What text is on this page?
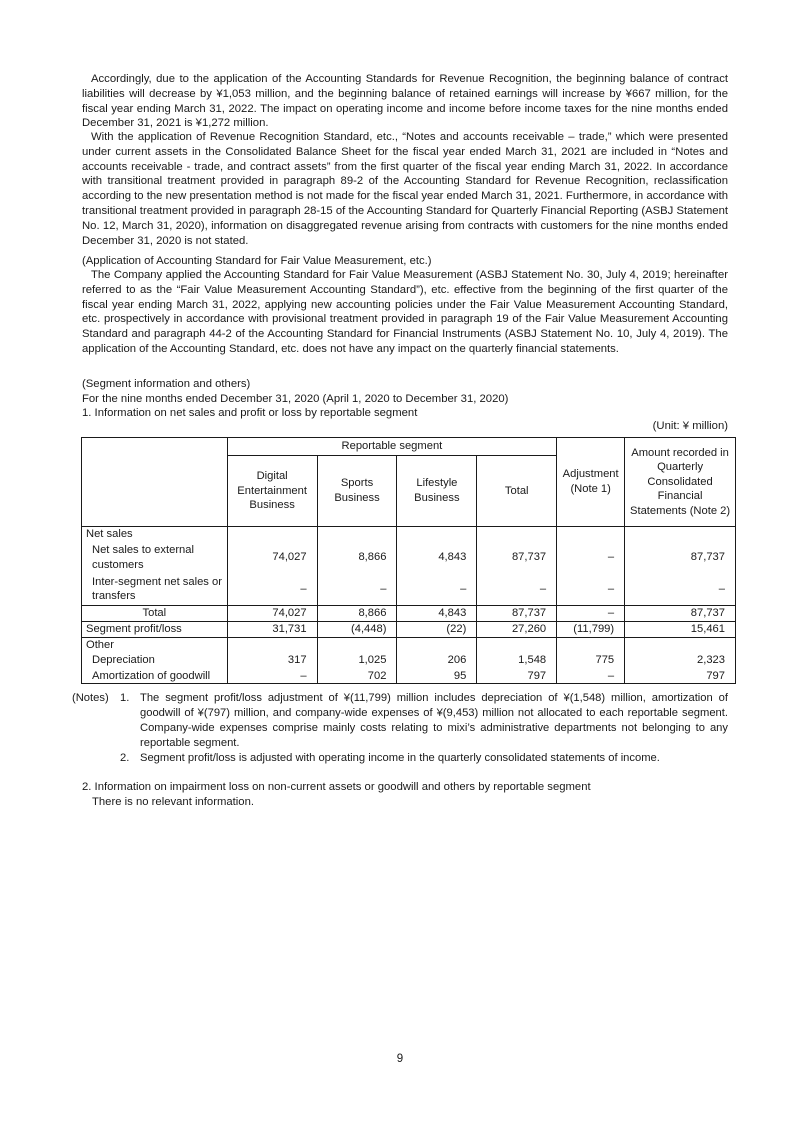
Accordingly, due to the application of the Accounting Standards for Revenue Recognition, the beginning balance of contract liabilities will decrease by ¥1,053 million, and the beginning balance of retained earnings will increase by ¥667 million, for the fiscal year ending March 31, 2022. The impact on operating income and income before income taxes for the nine months ended December 31, 2021 is ¥1,272 million.

With the application of Revenue Recognition Standard, etc., “Notes and accounts receivable – trade,” which were presented under current assets in the Consolidated Balance Sheet for the fiscal year ended March 31, 2021 are included in “Notes and accounts receivable - trade, and contract assets” from the first quarter of the fiscal year ending March 31, 2022. In accordance with transitional treatment provided in paragraph 89-2 of the Accounting Standard for Revenue Recognition, reclassification according to the new presentation method is not made for the fiscal year ended March 31, 2021. Furthermore, in accordance with transitional treatment provided in paragraph 28-15 of the Accounting Standard for Quarterly Financial Reporting (ASBJ Statement No. 12, March 31, 2020), information on disaggregated revenue arising from contracts with customers for the nine months ended December 31, 2020 is not stated.

(Application of Accounting Standard for Fair Value Measurement, etc.)

The Company applied the Accounting Standard for Fair Value Measurement (ASBJ Statement No. 30, July 4, 2019; hereinafter referred to as the “Fair Value Measurement Accounting Standard”), etc. effective from the beginning of the first quarter of the fiscal year ending March 31, 2022, applying new accounting policies under the Fair Value Measurement Accounting Standard, etc. prospectively in accordance with provisional treatment provided in paragraph 19 of the Fair Value Measurement Accounting Standard and paragraph 44-2 of the Accounting Standard for Financial Instruments (ASBJ Statement No. 10, July 4, 2019). The application of the Accounting Standard, etc. does not have any impact on the quarterly financial statements.

(Segment information and others)

For the nine months ended December 31, 2020 (April 1, 2020 to December 31, 2020)

1. Information on net sales and profit or loss by reportable segment

(Unit: ¥ million)
	Reportable segment				Adjustment (Note 1)	Amount recorded in Quarterly Consolidated Financial Statements (Note 2)
	Digital Entertainment Business	Sports Business	Lifestyle Business	Total		
Net sales						
Net sales to external customers	74,027	8,866	4,843	87,737	–	87,737
Inter-segment net sales or transfers	–	–	–	–	–	–
Total	74,027	8,866	4,843	87,737	–	87,737
Segment profit/loss	31,731	(4,448)	(22)	27,260	(11,799)	15,461
Other						
Depreciation	317	1,025	206	1,548	775	2,323
Amortization of goodwill	–	702	95	797	–	797
(Notes)	1. The segment profit/loss adjustment of ¥(11,799) million includes depreciation of ¥(1,548) million, amortization of goodwill of ¥(797) million, and company-wide expenses of ¥(9,453) million not allocated to each reportable segment. Company-wide expenses comprise mainly costs relating to mixi’s administrative departments not belonging to any reportable segment.
2. Segment profit/loss is adjusted with operating income in the quarterly consolidated statements of income.

2. Information on impairment loss on non-current assets or goodwill and others by reportable segment

There is no relevant information.

9
